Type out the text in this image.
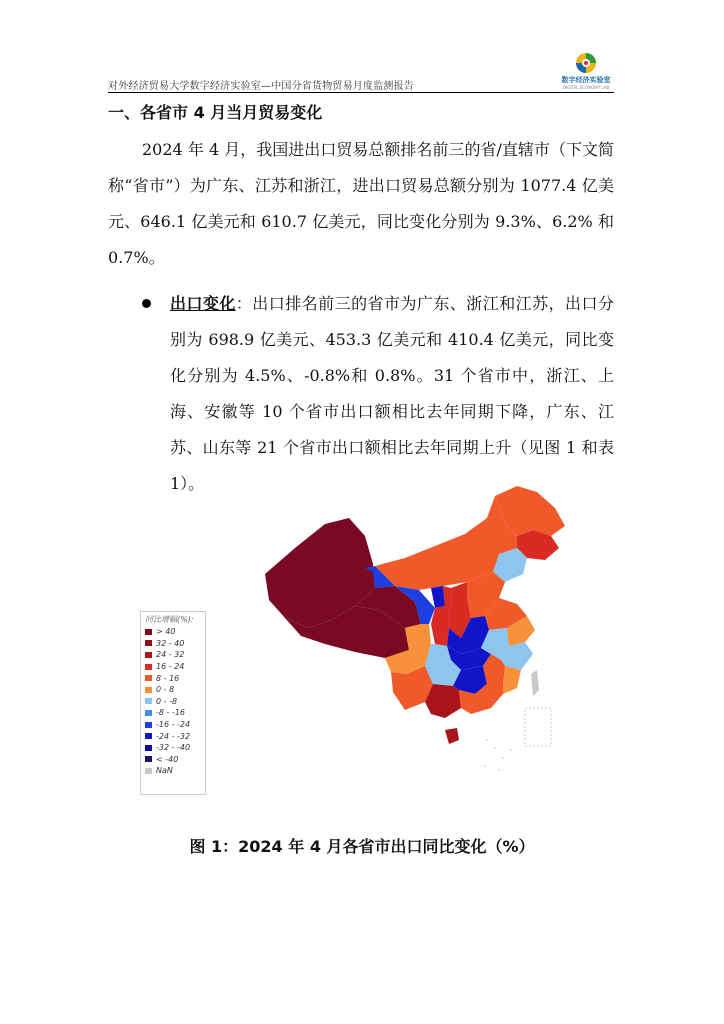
对外经济贸易大学数字经济实验室—中国分省货物贸易月度监测报告
数字经济实验室
DIGITAL ECONOMY LAB
一、各省市 4 月当月贸易变化

2024 年 4 月，我国进出口贸易总额排名前三的省/直辖市（下文简称“省市”）为广东、江苏和浙江，进出口贸易总额分别为 1077.4 亿美元、646.1 亿美元和 610.7 亿美元，同比变化分别为 9.3%、6.2% 和 0.7%。

出口变化：出口排名前三的省市为广东、浙江和江苏，出口分别为 698.9 亿美元、453.3 亿美元和 410.4 亿美元，同比变化分别为 4.5%、-0.8%和 0.8%。31 个省市中，浙江、上海、安徽等 10 个省市出口额相比去年同期下降，广东、江苏、山东等 21 个省市出口额相比去年同期上升（见图 1 和表 1）。

同比增幅(%):
> 40
32 - 40
24 - 32
16 - 24
8 - 16
0 - 8
0 - -8
-8 - -16
-16 - -24
-24 - -32
-32 - -40
< -40
NaN
图 1：2024 年 4 月各省市出口同比变化（%）
